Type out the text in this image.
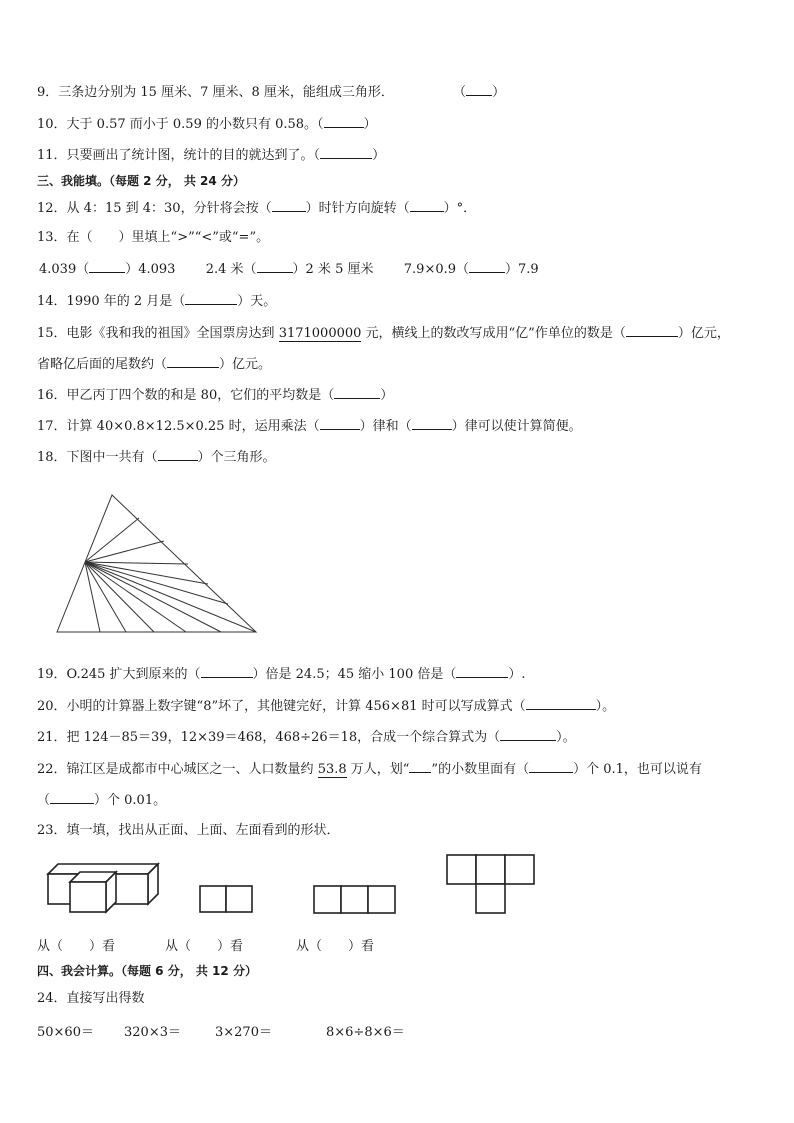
9．三条边分别为 15 厘米、7 厘米、8 厘米，能组成三角形．	（ ）
10．大于 0.57 而小于 0.59 的小数只有 0.58。（	）
11．只要画出了统计图，统计的目的就达到了。（	）
三、我能填。（每题 2 分， 共 24 分）
12．从 4：15 到 4：30，分针将会按（	）时针方向旋转（	）°．
13．在（　　）里填上“>”“<”或“=”。
4.039（	）4.093 2.4 米（	）2 米 5 厘米 7.9×0.9（	）7.9
14．1990 年的 2 月是（	）天。
15．电影《我和我的祖国》全国票房达到 3171000000 元，横线上的数改写成用“亿”作单位的数是（	）亿元，
省略亿后面的尾数约（	）亿元。
16．甲乙丙丁四个数的和是 80，它们的平均数是（	）
17．计算 40×0.8×12.5×0.25 时，运用乘法（	）律和（	）律可以使计算简便。
18．下图中一共有（	）个三角形。
19．O.245 扩大到原来的（	）倍是 24.5；45 缩小 100 倍是（	）.
20．小明的计算器上数字键“8”坏了，其他键完好，计算 456×81 时可以写成算式（	）。
21．把 124－85＝39，12×39＝468，468÷26＝18，合成一个综合算式为（	）。
22．锦江区是成都市中心城区之一、人口数量约 53.8 万人，划“ ”的小数里面有（	）个 0.1，也可以说有
（	）个 0.01。
23．填一填，找出从正面、上面、左面看到的形状．
从（　　）看	从（　　）看	从（　　）看
四、我会计算。（每题 6 分， 共 12 分）
24．直接写出得数
50×60＝ 320×3＝	3×270＝	8×6÷8×6＝
